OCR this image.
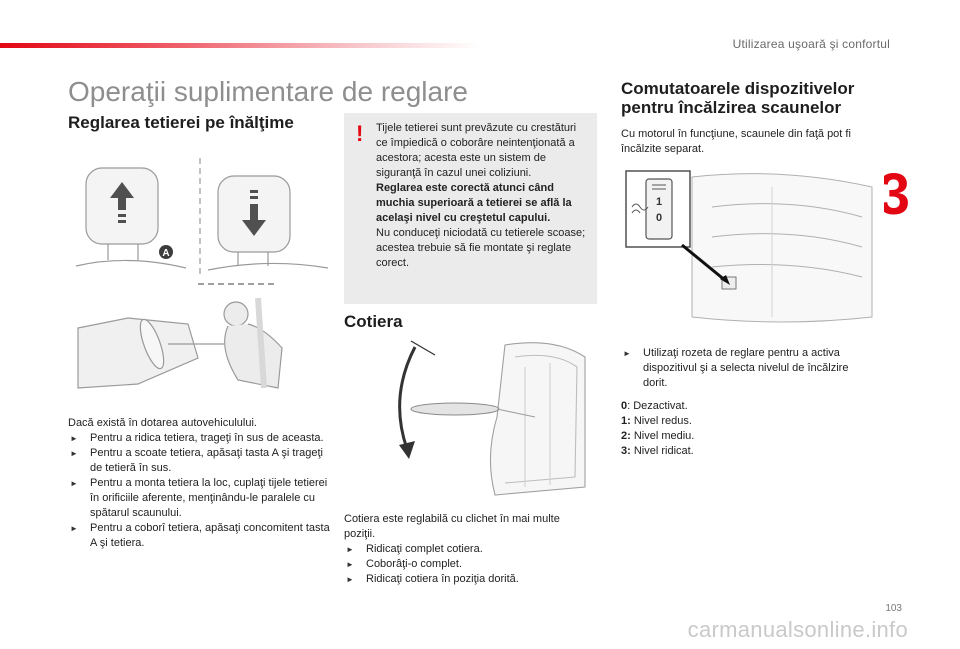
Utilizarea uşoară şi confortul
3
Operaţii suplimentare de reglare
Reglarea tetierei pe înălţime
A

Dacă există în dotarea autovehiculului.

► Pentru a ridica tetiera, trageţi în sus de aceasta.
► Pentru a scoate tetiera, apăsaţi tasta A şi trageţi de tetieră în sus.
► Pentru a monta tetiera la loc, cuplaţi tijele tetierei în orificiile aferente, menţinându-le paralele cu spătarul scaunului.
► Pentru a coborî tetiera, apăsaţi concomitent tasta A şi tetiera.
! Tijele tetierei sunt prevăzute cu crestături ce împiedică o coborâre neintenţionată a acestora; acesta este un sistem de siguranţă în cazul unei coliziuni.
Reglarea este corectă atunci când muchia superioară a tetierei se află la acelaşi nivel cu creştetul capului.
Nu conduceţi niciodată cu tetierele scoase; acestea trebuie să fie montate şi reglate corect.
Cotiera

Cotiera este reglabilă cu clichet în mai multe poziţii.

► Ridicaţi complet cotiera.
► Coborâţi-o complet.
► Ridicaţi cotiera în poziţia dorită.
Comutatoarele dispozitivelor pentru încălzirea scaunelor

Cu motorul în funcţiune, scaunele din faţă pot fi încălzite separat.

1
0
► Utilizaţi rozeta de reglare pentru a activa dispozitivul şi a selecta nivelul de încălzire dorit.
0: Dezactivat.
1: Nivel redus.
2: Nivel mediu.
3: Nivel ridicat.
103
carmanualsonline.info
